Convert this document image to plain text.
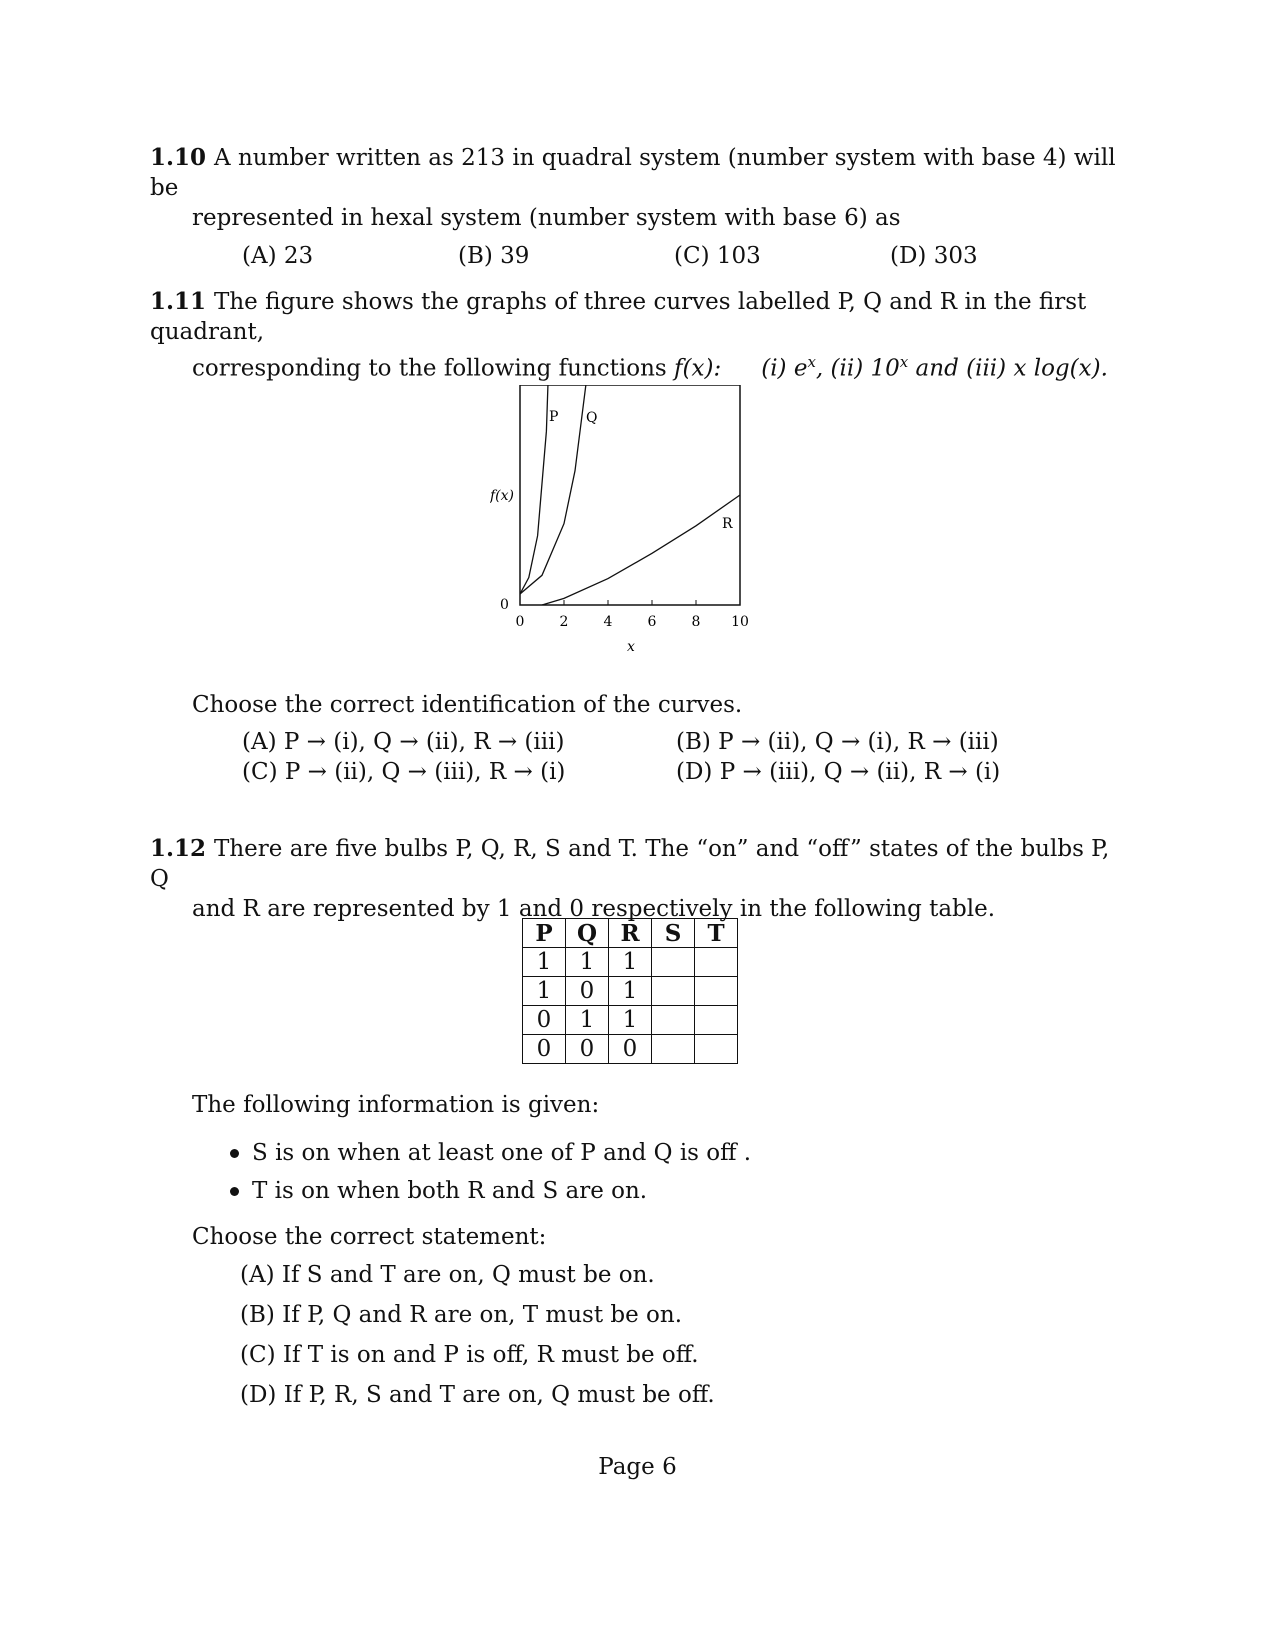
1.10 A number written as 213 in quadral system (number system with base 4) will be
represented in hexal system (number system with base 6) as
(A) 23	(B) 39	(C) 103	(D) 303
1.11 The figure shows the graphs of three curves labelled P, Q and R in the first quadrant,
corresponding to the following functions f(x): (i) $e^x$, (ii) 10$^x$ and (iii) x log(x).
0	2	4	6	8 10
f(x)
x
0
P Q
R
Choose the correct identification of the curves.
(A) P → (i), Q → (ii), R → (iii)	(B) P → (ii), Q → (i), R → (iii)
(C) P → (ii), Q → (iii), R → (i)	(D) P → (iii), Q → (ii), R → (i)
1.12 There are five bulbs P, Q, R, S and T. The “on” and “off” states of the bulbs P, Q
and R are represented by 1 and 0 respectively in the following table.
P	Q	R	S	T
1	1	1		
1	0	1		
0	1	1		
0	0	0		
The following information is given:
S is on when at least one of P and Q is off .
T is on when both R and S are on.
Choose the correct statement:
(A) If S and T are on, Q must be on.
(B) If P, Q and R are on, T must be on.
(C) If T is on and P is off, R must be off.
(D) If P, R, S and T are on, Q must be off.
Page 6
